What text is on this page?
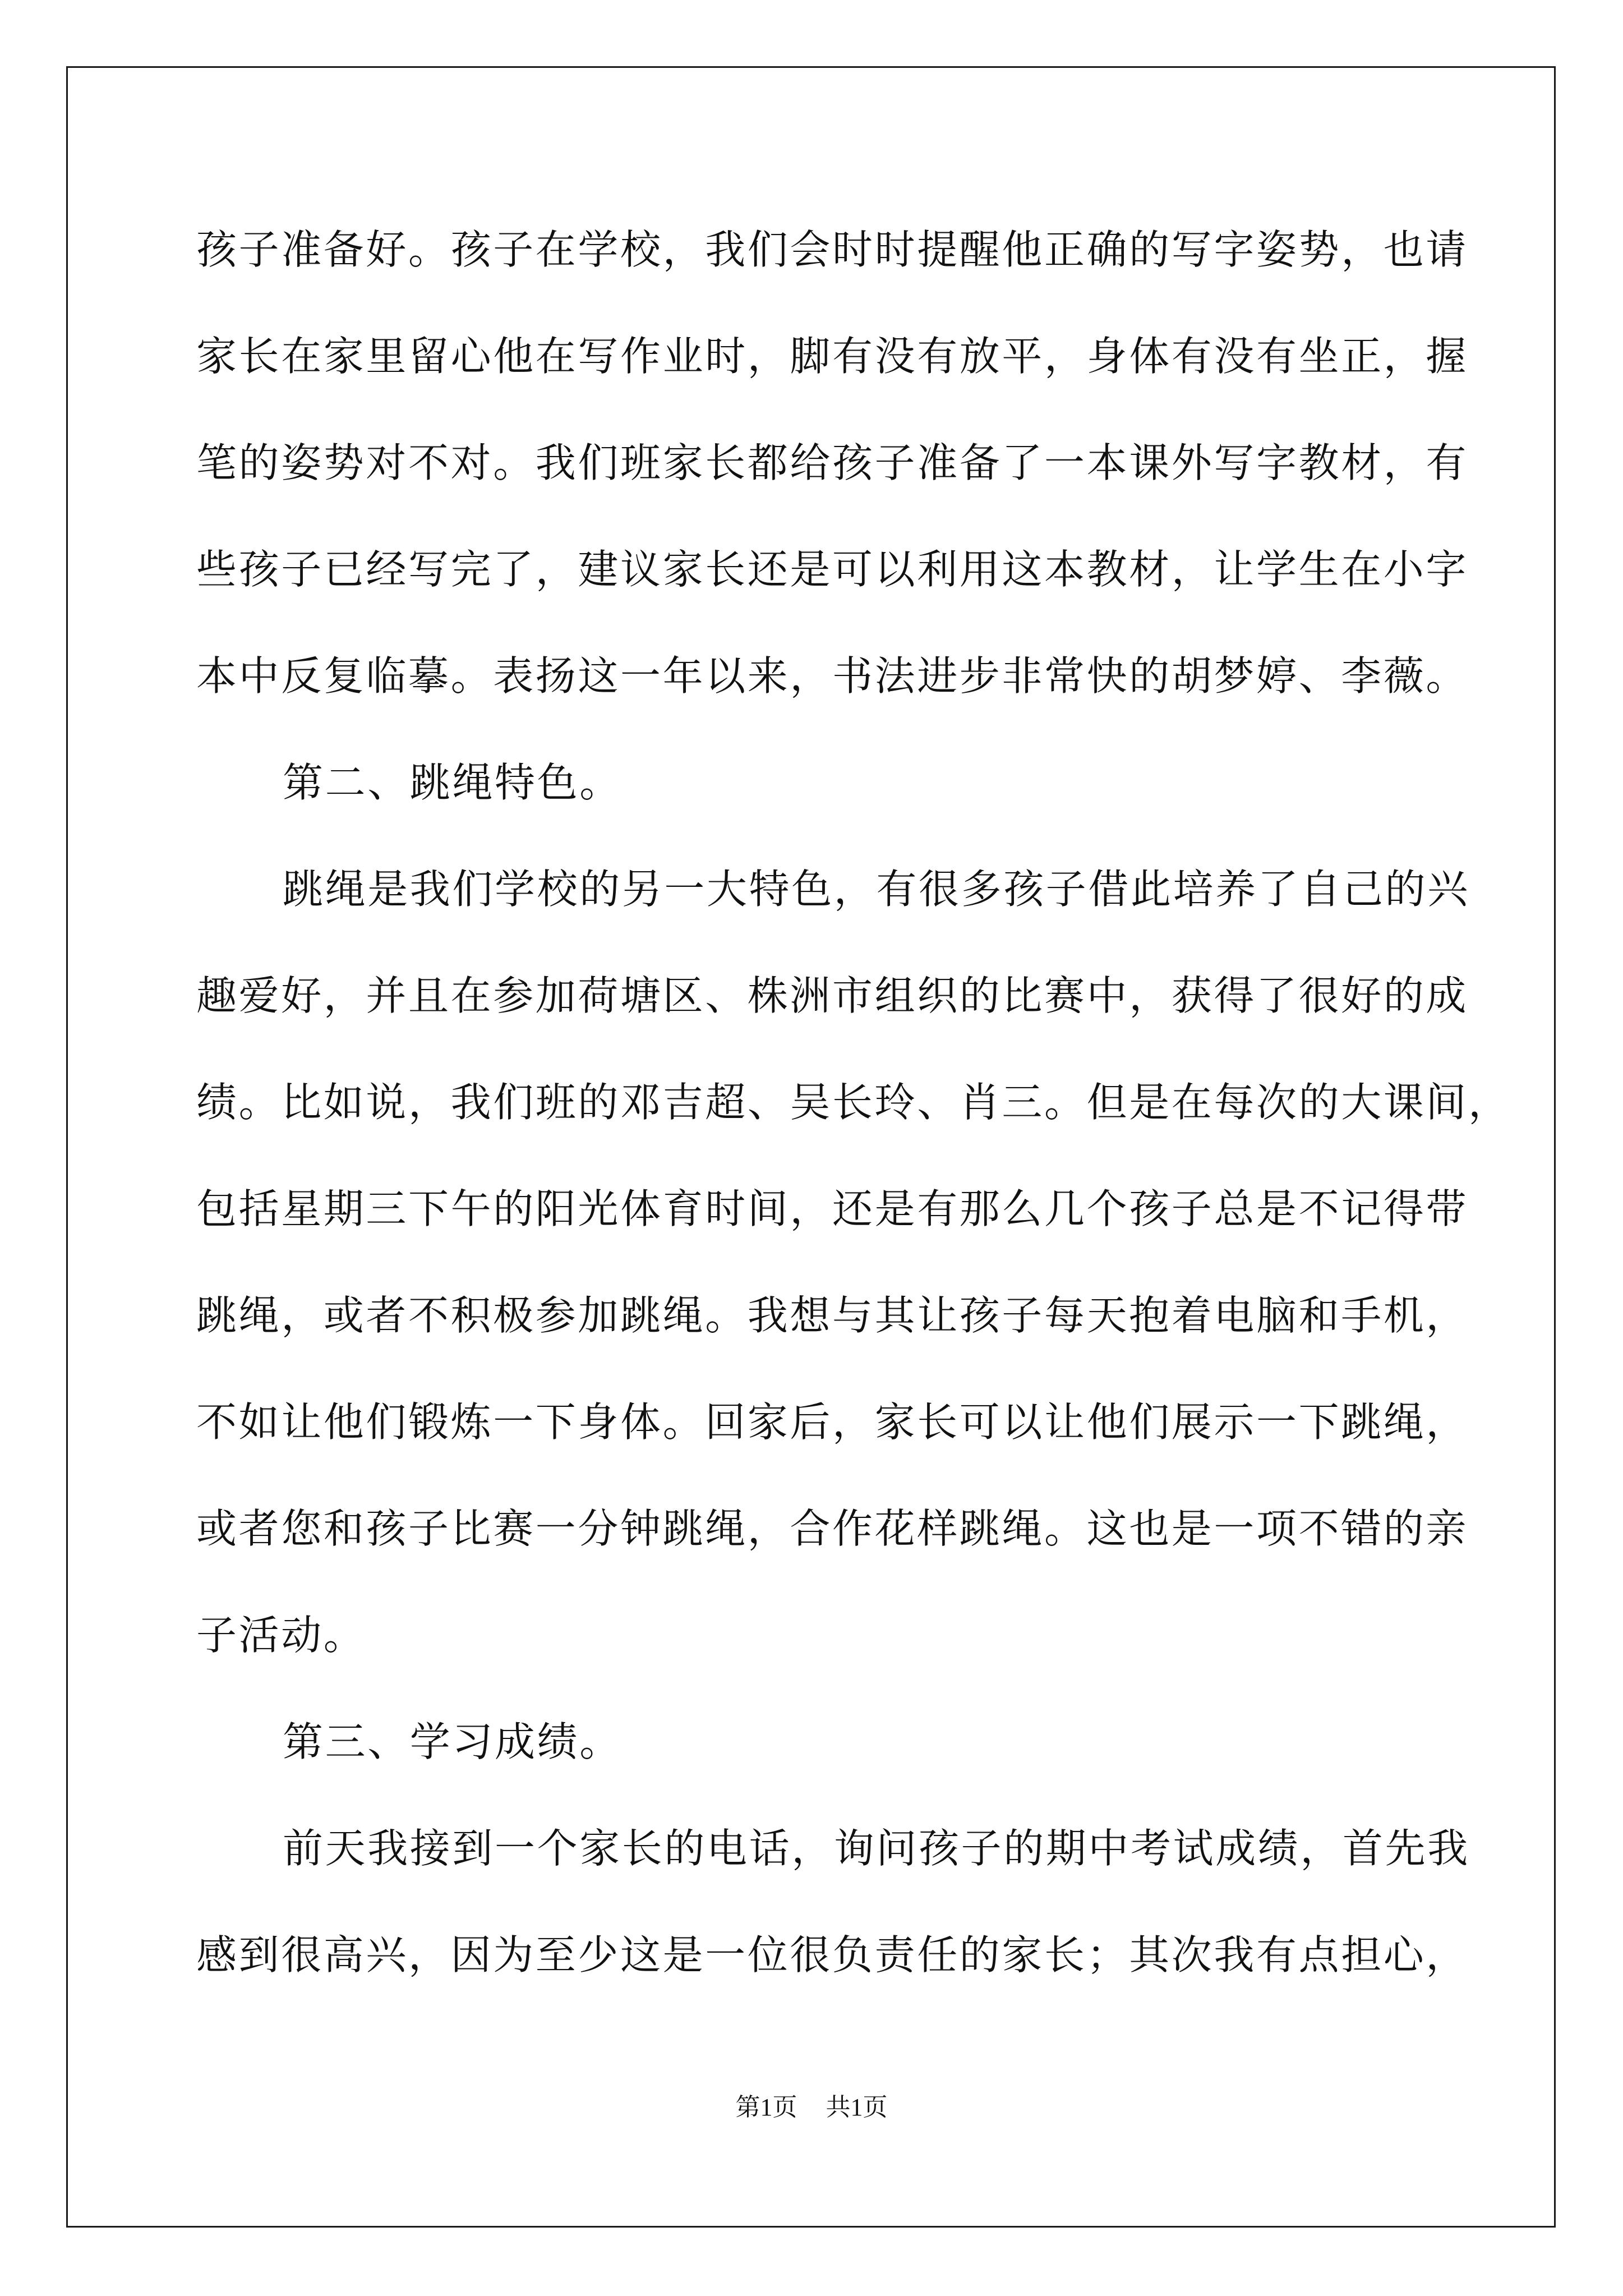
孩子准备好。孩子在学校，我们会时时提醒他正确的写字姿势，也请
家长在家里留心他在写作业时，脚有没有放平，身体有没有坐正，握
笔的姿势对不对。我们班家长都给孩子准备了一本课外写字教材，有
些孩子已经写完了，建议家长还是可以利用这本教材，让学生在小字
本中反复临摹。表扬这一年以来，书法进步非常快的胡梦婷、李薇。
第二、跳绳特色。
跳绳是我们学校的另一大特色，有很多孩子借此培养了自己的兴
趣爱好，并且在参加荷塘区、株洲市组织的比赛中，获得了很好的成
绩。比如说，我们班的邓吉超、吴长玲、肖三。但是在每次的大课间，
包括星期三下午的阳光体育时间，还是有那么几个孩子总是不记得带
跳绳，或者不积极参加跳绳。我想与其让孩子每天抱着电脑和手机，
不如让他们锻炼一下身体。回家后，家长可以让他们展示一下跳绳，
或者您和孩子比赛一分钟跳绳，合作花样跳绳。这也是一项不错的亲
子活动。
第三、学习成绩。
前天我接到一个家长的电话，询问孩子的期中考试成绩，首先我
感到很高兴，因为至少这是一位很负责任的家长；其次我有点担心，
第1页 共1页
